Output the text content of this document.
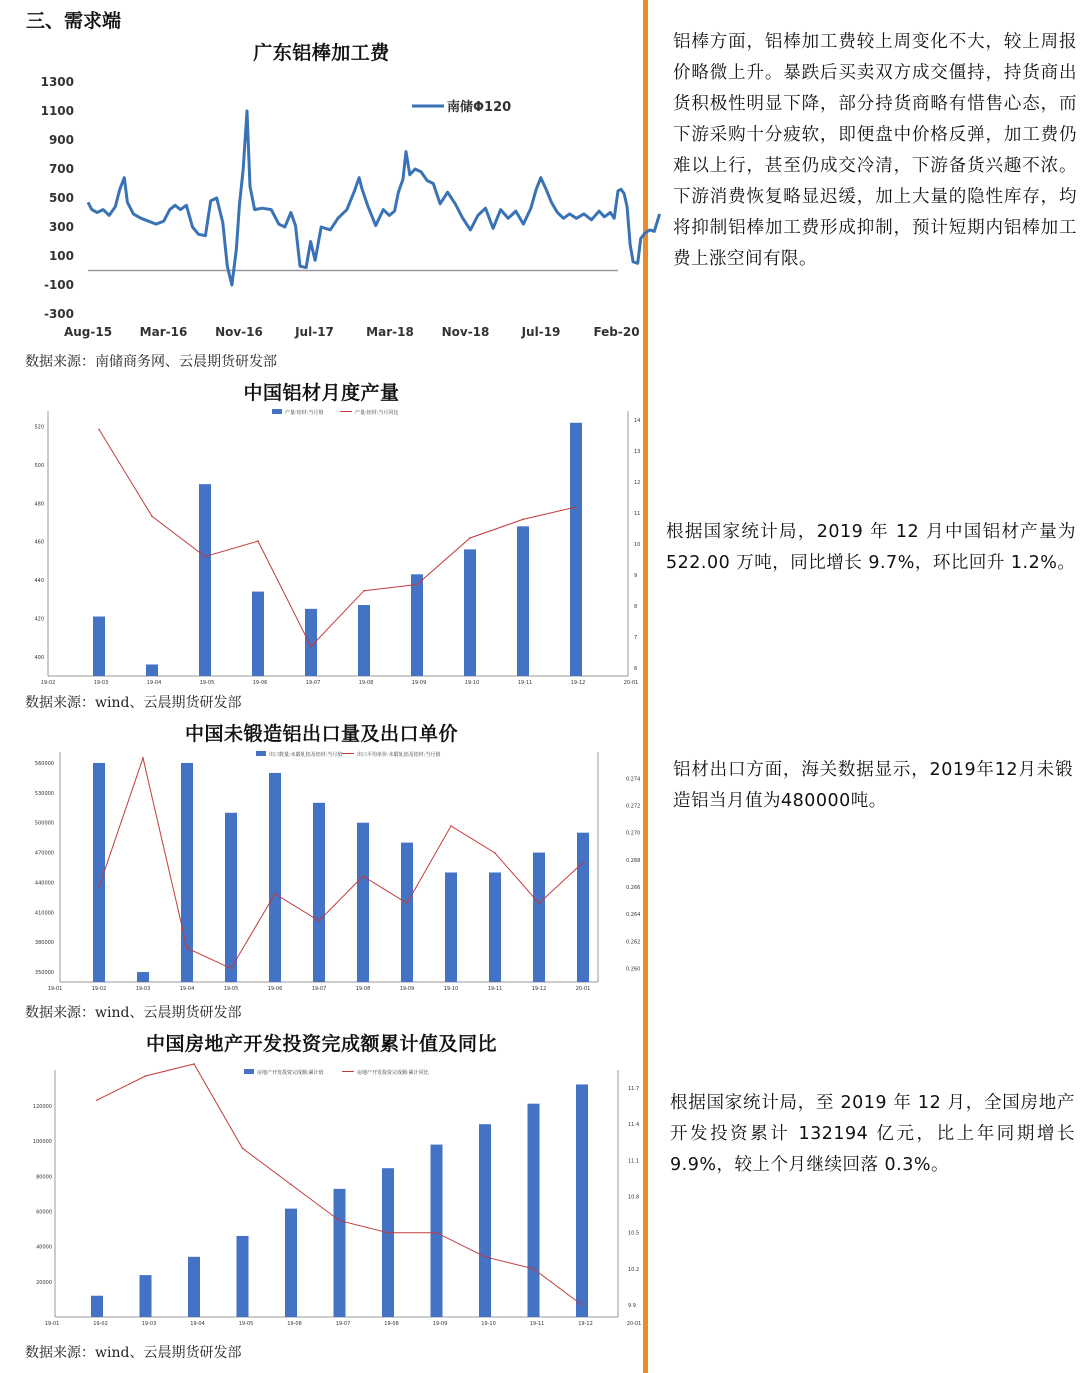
三、需求端
广东铝棒加工费
1300
1100
900
700
500
300
100
-100
-300
Aug-15 Mar-16 Nov-16	Jul-17	Mar-18 Nov-18	Jul-19	Feb-20
南储Φ120
数据来源：南储商务网、云晨期货研发部
中国铝材月度产量
520
500
480
460
440
420
400
14
13
12
11
10
9
8
7
6
19-02	19-03	19-04	19-05	19-06	19-07	19-08	19-09	19-10	19-11	19-12	20-01
产量:铝材:当月值	产量:铝材:当月同比
数据来源：wind、云晨期货研发部
中国未锻造铝出口量及出口单价
560000
530000
500000
470000
440000
410000
380000
350000
0.274
0.272
0.270
0.268
0.266
0.264
0.262
0.260
19-01	19-02	19-03	19-04	19-05	19-06	19-07	19-08	19-09	19-10	19-11	19-12	20-01
出口数量:未锻轧铝及铝材:当月值	出口平均单价:未锻轧铝及铝材:当月值
数据来源：wind、云晨期货研发部
中国房地产开发投资完成额累计值及同比
120000
100000
80000
60000
40000
20000
11.7
11.4
11.1
10.8
10.5
10.2
9.9
19-01	19-02	19-03	19-04	19-05	19-06	19-07	19-08	19-09	19-10	19-11	19-12	20-01
房地产开发投资完成额:累计值	房地产开发投资完成额:累计同比
数据来源：wind、云晨期货研发部
铝棒方面，铝棒加工费较上周变化不大，较上周报价略微上升。暴跌后买卖双方成交僵持，持货商出货积极性明显下降，部分持货商略有惜售心态，而下游采购十分疲软，即便盘中价格反弹，加工费仍难以上行，甚至仍成交冷清，下游备货兴趣不浓。下游消费恢复略显迟缓，加上大量的隐性库存，均将抑制铝棒加工费形成抑制，预计短期内铝棒加工费上涨空间有限。
根据国家统计局，2019 年 12 月中国铝材产量为 522.00 万吨，同比增长 9.7%，环比回升 1.2%。
铝材出口方面，海关数据显示，2019年12月未锻造铝当月值为480000吨。
根据国家统计局，至 2019 年 12 月，全国房地产开发投资累计 132194 亿元，比上年同期增长 9.9%，较上个月继续回落 0.3%。
